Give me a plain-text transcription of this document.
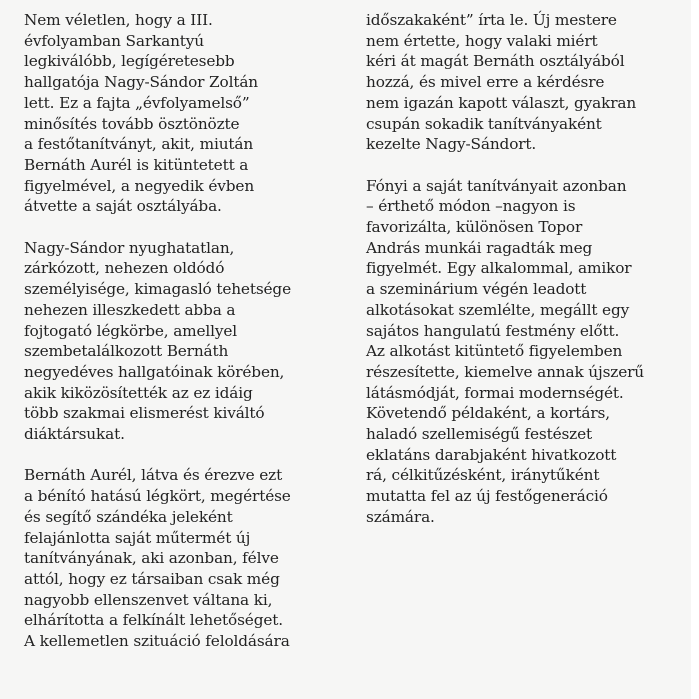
Nem véletlen, hogy a III.
évfolyamban Sarkantyú
legkiválóbb, legígéretesebb
hallgatója Nagy-Sándor Zoltán
lett. Ez a fajta „évfolyamelső”
minősítés tovább ösztönözte
a festőtanítványt, akit, miután
Bernáth Aurél is kitüntetett a
figyelmével, a negyedik évben
átvette a saját osztályába.
Nagy-Sándor nyughatatlan,
zárkózott, nehezen oldódó
személyisége, kimagasló tehetsége
nehezen illeszkedett abba a
fojtogató légkörbe, amellyel
szembetalálkozott Bernáth
negyedéves hallgatóinak körében,
akik kiközösítették az ez idáig
több szakmai elismerést kiváltó
diáktársukat.
Bernáth Aurél, látva és érezve ezt
a bénító hatású légkört, megértése
és segítő szándéka jeleként
felajánlotta saját műtermét új
tanítványának, aki azonban, félve
attól, hogy ez társaiban csak még
nagyobb ellenszenvet váltana ki,
elhárította a felkínált lehetőséget.
A kellemetlen szituáció feloldására
időszakaként” írta le. Új mestere
nem értette, hogy valaki miért
kéri át magát Bernáth osztályából
hozzá, és mivel erre a kérdésre
nem igazán kapott választ, gyakran
csupán sokadik tanítványaként
kezelte Nagy-Sándort.
Fónyi a saját tanítványait azonban
– érthető módon –nagyon is
favorizálta, különösen Topor
András munkái ragadták meg
figyelmét. Egy alkalommal, amikor
a szeminárium végén leadott
alkotásokat szemlélte, megállt egy
sajátos hangulatú festmény előtt.
Az alkotást kitüntető figyelemben
részesítette, kiemelve annak újszerű
látásmódját, formai modernségét.
Követendő példaként, a kortárs,
haladó szellemiségű festészet
eklatáns darabjaként hivatkozott
rá, célkitűzésként, iránytűként
mutatta fel az új festőgeneráció
számára.
